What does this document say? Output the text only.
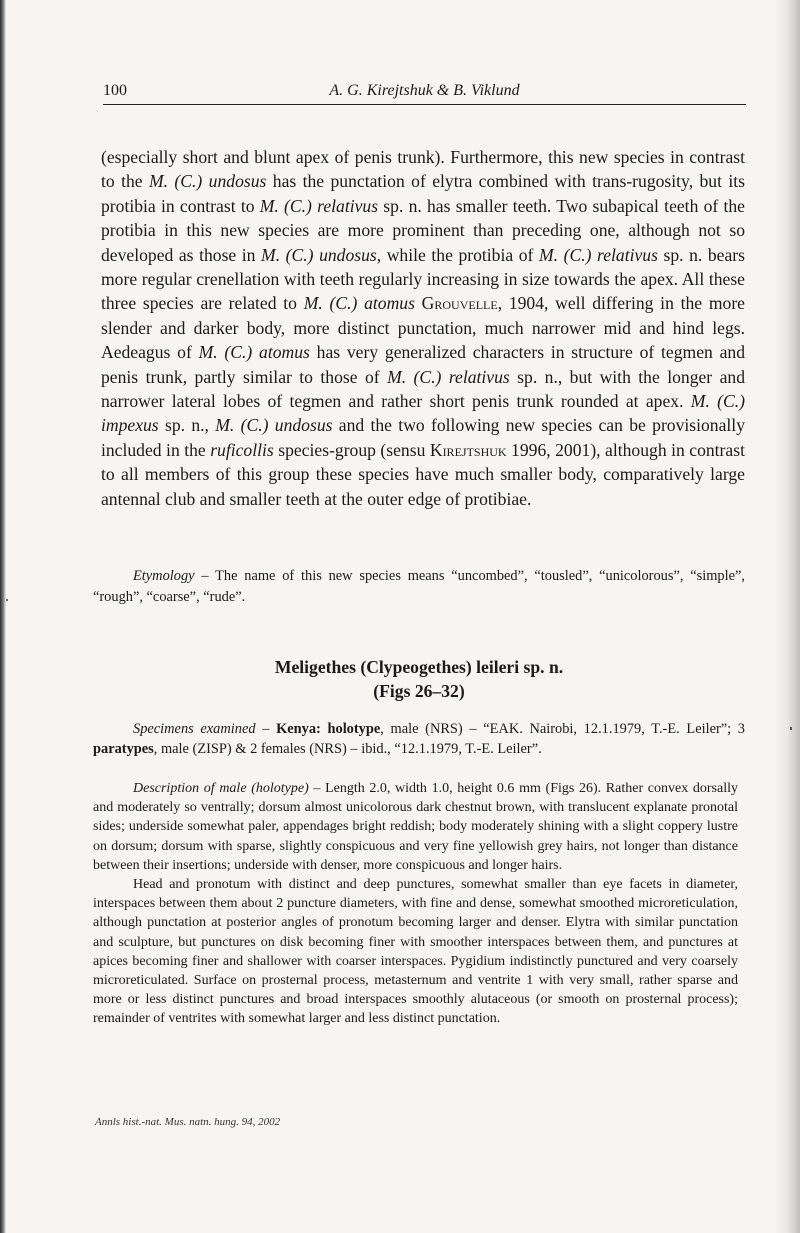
100	A. G. Kirejtshuk & B. Viklund

(especially short and blunt apex of penis trunk). Furthermore, this new species in contrast to the M. (C.) undosus has the punctation of elytra combined with trans-rugosity, but its protibia in contrast to M. (C.) relativus sp. n. has smaller teeth. Two subapical teeth of the protibia in this new species are more prominent than preceding one, although not so developed as those in M. (C.) undosus, while the protibia of M. (C.) relativus sp. n. bears more regular crenellation with teeth regularly increasing in size towards the apex. All these three species are related to M. (C.) atomus Grouvelle, 1904, well differing in the more slender and darker body, more distinct punctation, much narrower mid and hind legs. Aedeagus of M. (C.) atomus has very generalized characters in structure of tegmen and penis trunk, partly similar to those of M. (C.) relativus sp. n., but with the longer and narrower lateral lobes of tegmen and rather short penis trunk rounded at apex. M. (C.) impexus sp. n., M. (C.) undosus and the two following new species can be provisionally included in the ruficollis species-group (sensu Kirejtshuk 1996, 2001), although in contrast to all members of this group these species have much smaller body, comparatively large antennal club and smaller teeth at the outer edge of protibiae.

Etymology – The name of this new species means “uncombed”, “tousled”, “unicolorous”, “simple”, “rough”, “coarse”, “rude”.

Meligethes (Clypeogethes) leileri sp. n.
(Figs 26–32)

Specimens examined – Kenya: holotype, male (NRS) – “EAK. Nairobi, 12.1.1979, T.-E. Leiler”; 3 paratypes, male (ZISP) & 2 females (NRS) – ibid., “12.1.1979, T.-E. Leiler”.

Description of male (holotype) – Length 2.0, width 1.0, height 0.6 mm (Figs 26). Rather convex dorsally and moderately so ventrally; dorsum almost unicolorous dark chestnut brown, with translucent explanate pronotal sides; underside somewhat paler, appendages bright reddish; body moderately shining with a slight coppery lustre on dorsum; dorsum with sparse, slightly conspicuous and very fine yellowish grey hairs, not longer than distance between their insertions; underside with denser, more conspicuous and longer hairs.

Head and pronotum with distinct and deep punctures, somewhat smaller than eye facets in diameter, interspaces between them about 2 puncture diameters, with fine and dense, somewhat smoothed microreticulation, although punctation at posterior angles of pronotum becoming larger and denser. Elytra with similar punctation and sculpture, but punctures on disk becoming finer with smoother interspaces between them, and punctures at apices becoming finer and shallower with coarser interspaces. Pygidium indistinctly punctured and very coarsely microreticulated. Surface on prosternal process, metasternum and ventrite 1 with very small, rather sparse and more or less distinct punctures and broad interspaces smoothly alutaceous (or smooth on prosternal process); remainder of ventrites with somewhat larger and less distinct punctation.

Annls hist.-nat. Mus. natn. hung. 94, 2002
